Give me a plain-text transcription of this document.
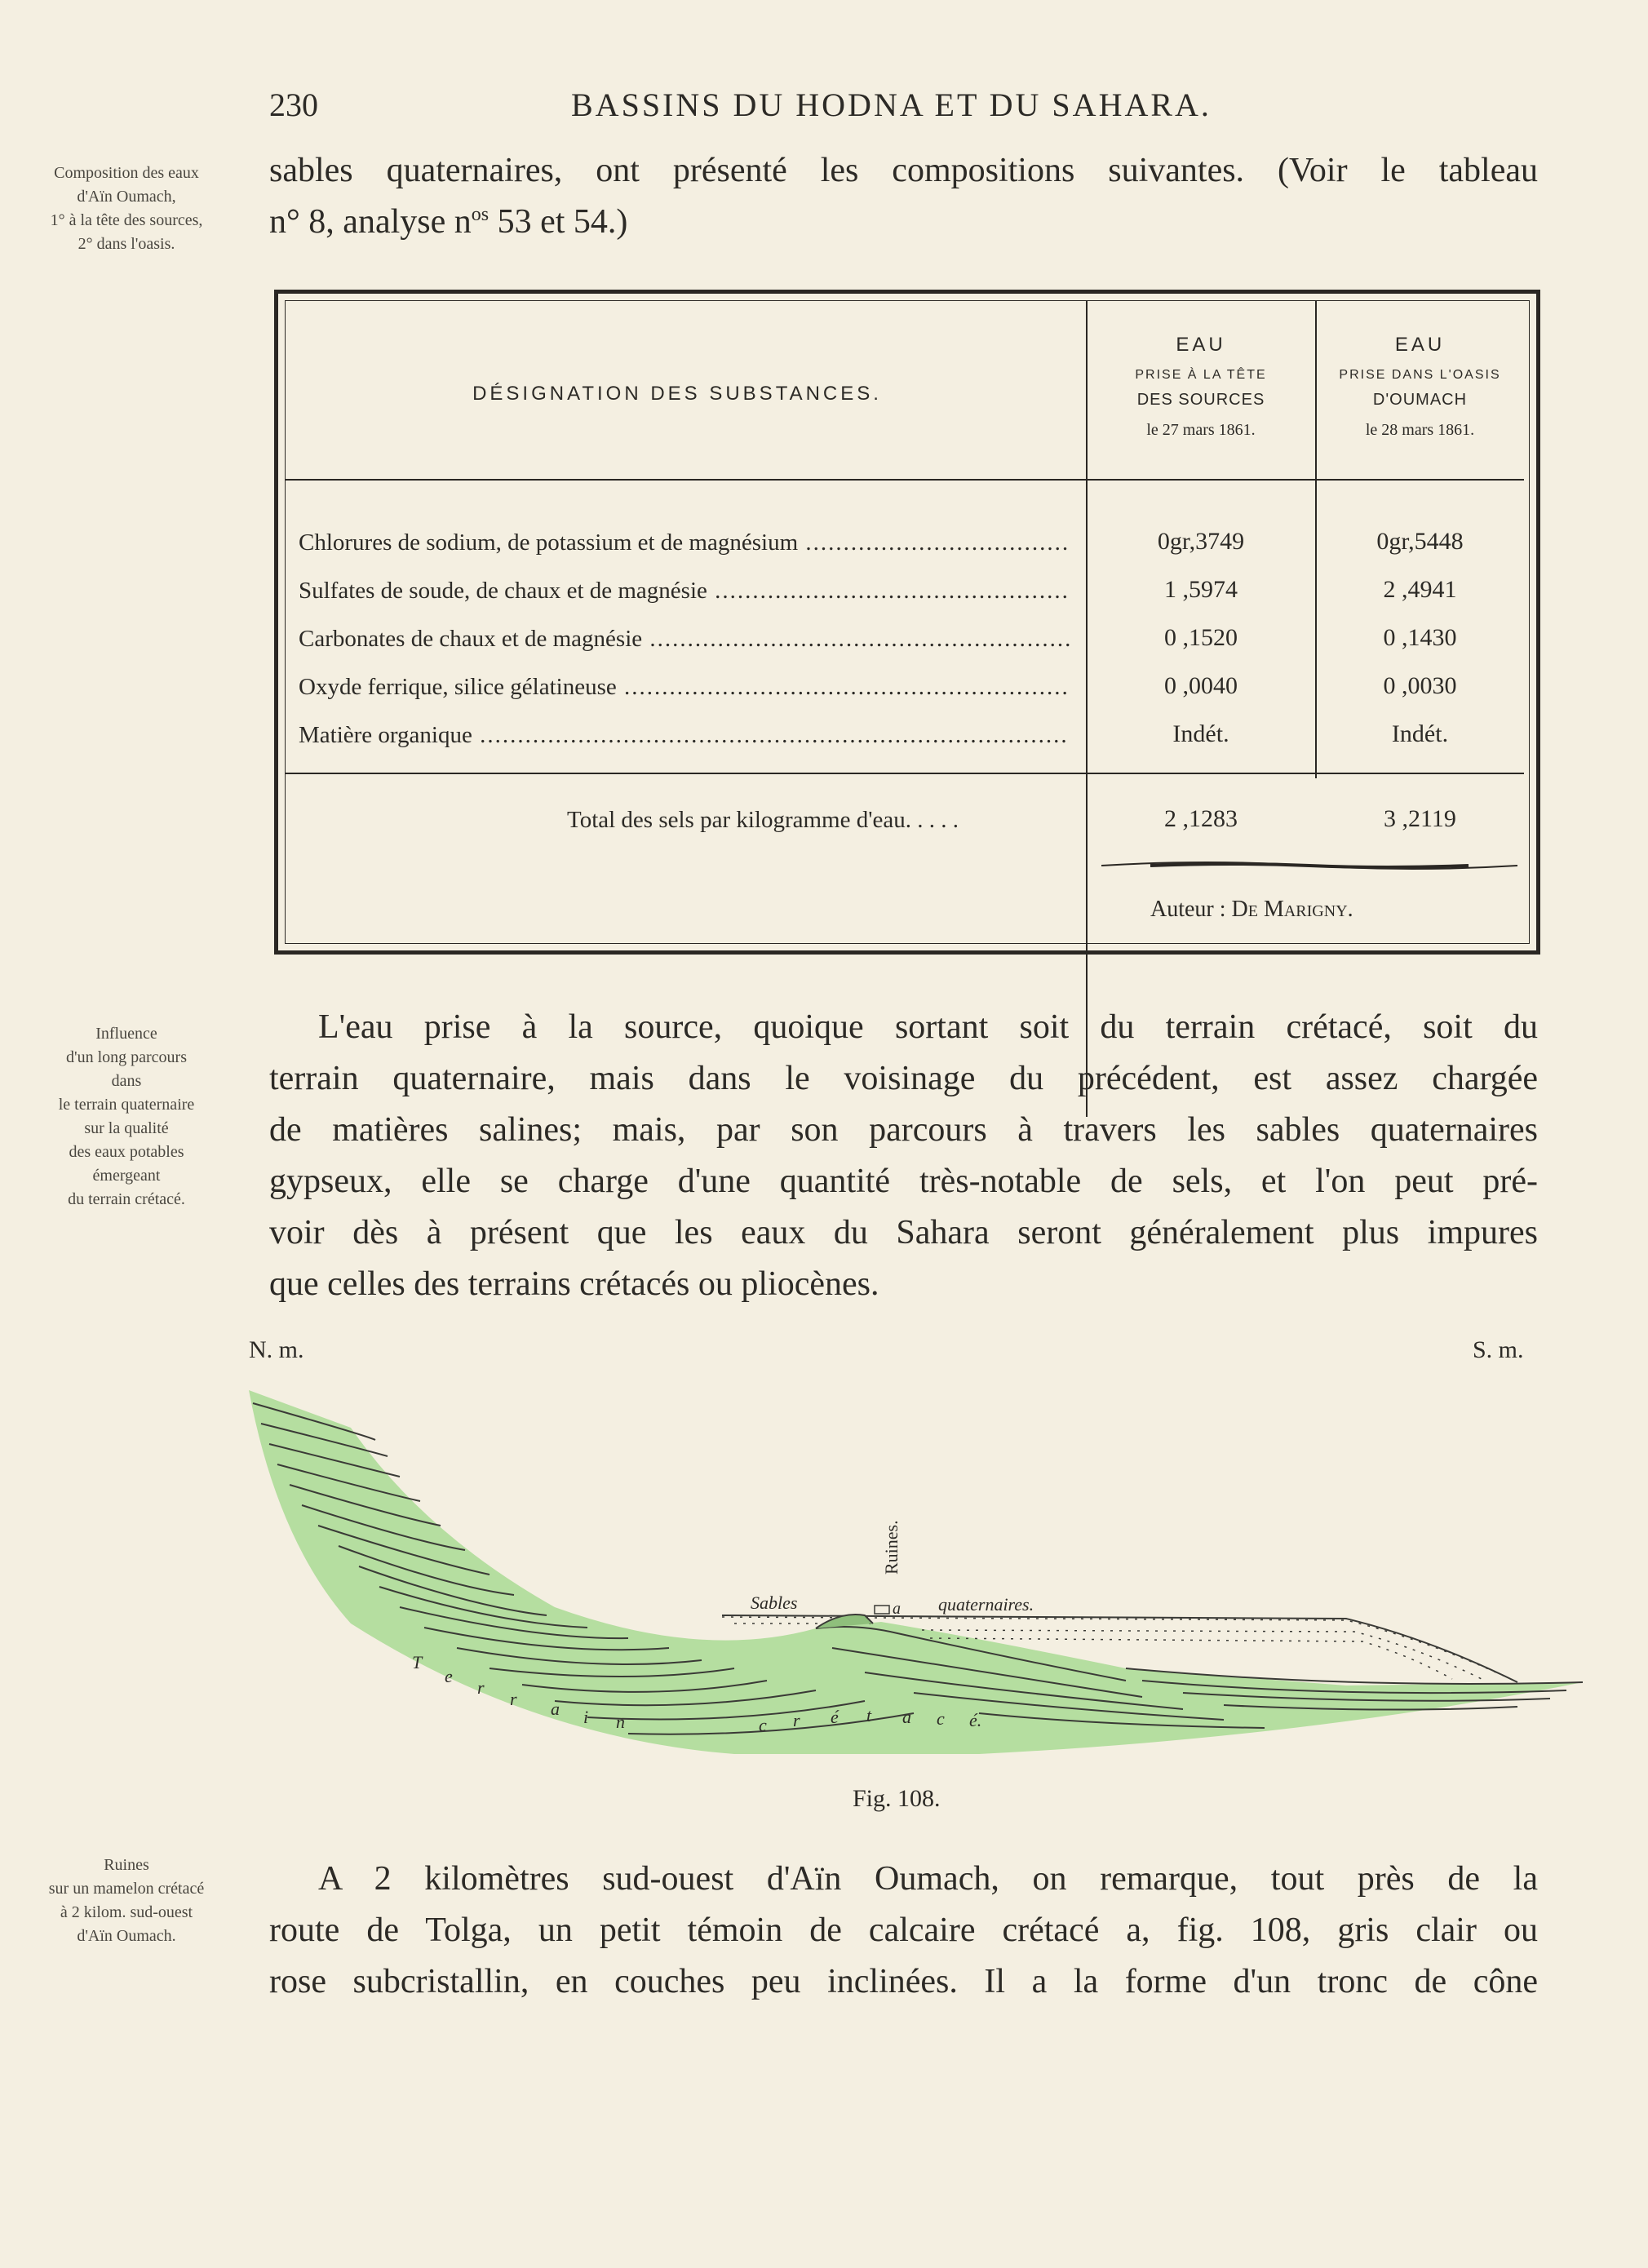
230	BASSINS DU HODNA ET DU SAHARA.
Composition des eaux
d'Aïn Oumach,
1° à la tête des sources,
2° dans l'oasis.
Influence
d'un long parcours
dans
le terrain quaternaire
sur la qualité
des eaux potables
émergeant
du terrain crétacé.
Ruines
sur un mamelon crétacé
à 2 kilom. sud-ouest
d'Aïn Oumach.
sables quaternaires, ont présenté les compositions suivantes. (Voir le tableau
n° 8, analyse $n^{os}$ 53 et 54.)
DÉSIGNATION DES SUBSTANCES.
EAU
PRISE À LA TÊTE
DES SOURCES
le 27 mars 1861.
EAU
PRISE DANS L'OASIS
D'OUMACH
le 28 mars 1861.
Chlorures de sodium, de potassium et de magnésium .....	0gr,3749	0gr,5448
Sulfates de soude, de chaux et de magnésie .....	1 ,5974	2 ,4941
Carbonates de chaux et de magnésie .....	0 ,1520	0 ,1430
Oxyde ferrique, silice gélatineuse .....	0 ,0040	0 ,0030
Matière organique .....	Indét.	Indét.
Total des sels par kilogramme d'eau. . . . .	2 ,1283	3 ,2119
Auteur : De Marigny.
L'eau prise à la source, quoique sortant soit du terrain crétacé, soit du
terrain quaternaire, mais dans le voisinage du précédent, est assez chargée
de matières salines; mais, par son parcours à travers les sables quaternaires
gypseux, elle se charge d'une quantité très-notable de sels, et l'on peut pré-
voir dès à présent que les eaux du Sahara seront généralement plus impures
que celles des terrains crétacés ou pliocènes.
N. m.	S. m.
a
Ruines.
Sables	quaternaires.
T
e
r
r a i n	c r é t a c é.
Fig. 108.
A 2 kilomètres sud-ouest d'Aïn Oumach, on remarque, tout près de la
route de Tolga, un petit témoin de calcaire crétacé a, fig. 108, gris clair ou
rose subcristallin, en couches peu inclinées. Il a la forme d'un tronc de cône
